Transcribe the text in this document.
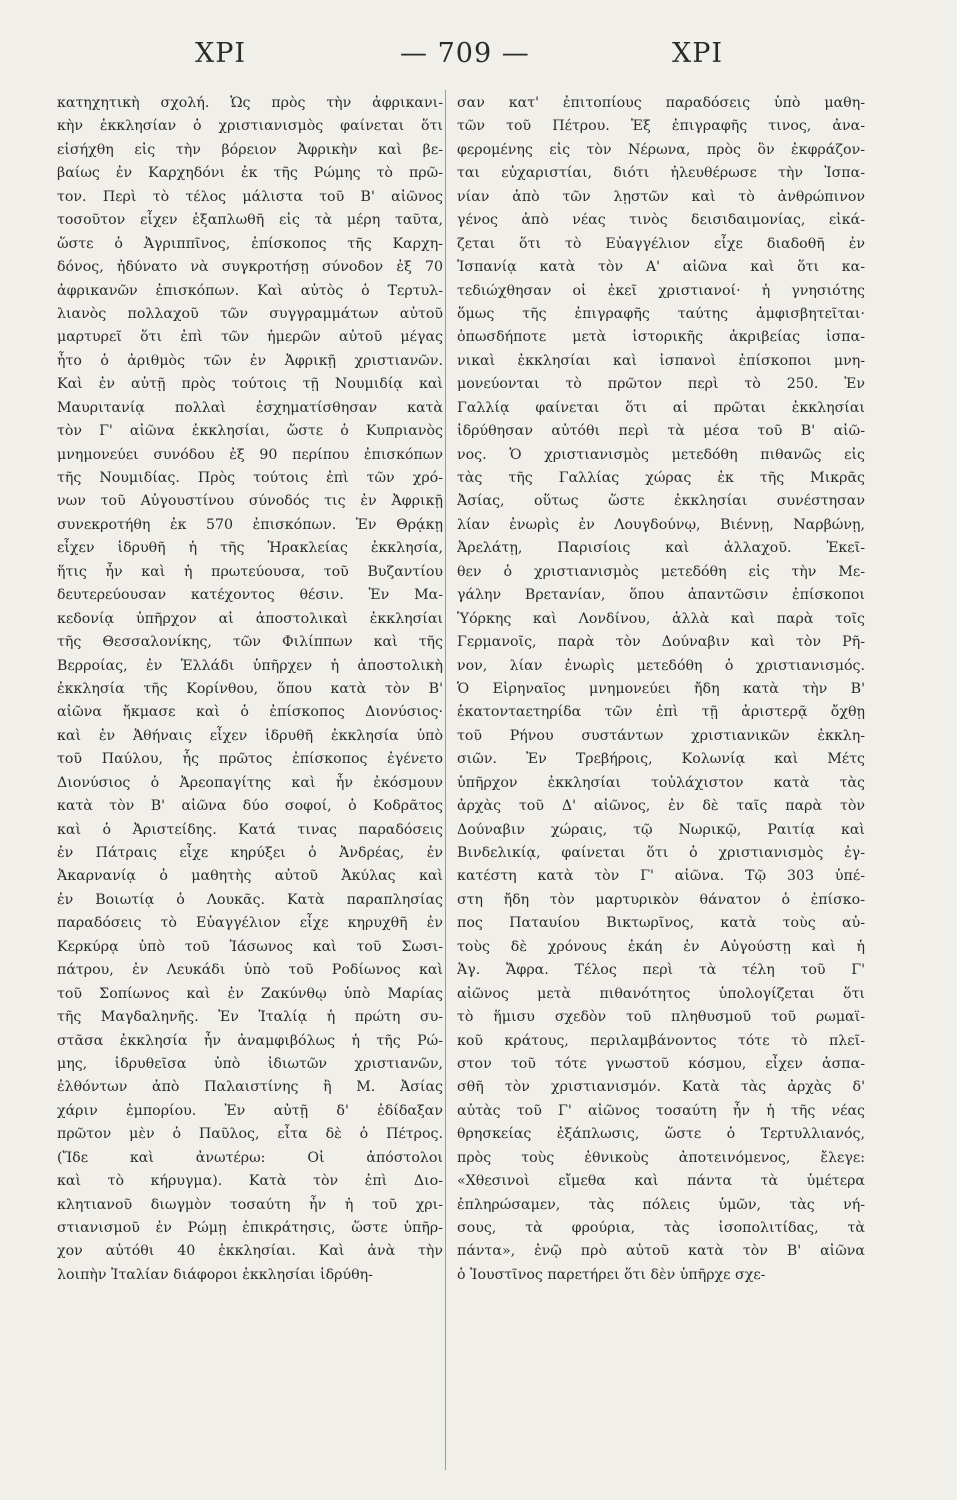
ΧΡΙ	— 709 —	ΧΡΙ
κατηχητικὴ σχολή. Ὡς πρὸς τὴν ἀφρικανι-
κὴν ἐκκλησίαν ὁ χριστιανισμὸς φαίνεται ὅτι
εἰσήχθη εἰς τὴν βόρειον Ἀφρικὴν καὶ βε-
βαίως ἐν Καρχηδόνι ἐκ τῆς Ρώμης τὸ πρῶ-
τον. Περὶ τὸ τέλος μάλιστα τοῦ Β' αἰῶνος
τοσοῦτον εἶχεν ἐξαπλωθῆ εἰς τὰ μέρη ταῦτα,
ὥστε ὁ Ἀγριππῖνος, ἐπίσκοπος τῆς Καρχη-
δόνος, ἠδύνατο νὰ συγκροτήσῃ σύνοδον ἐξ 70
ἀφρικανῶν ἐπισκόπων. Καὶ αὐτὸς ὁ Τερτυλ-
λιανὸς πολλαχοῦ τῶν συγγραμμάτων αὐτοῦ
μαρτυρεῖ ὅτι ἐπὶ τῶν ἡμερῶν αὐτοῦ μέγας
ἦτο ὁ ἀριθμὸς τῶν ἐν Ἀφρικῇ χριστιανῶν.
Καὶ ἐν αὐτῇ πρὸς τούτοις τῇ Νουμιδίᾳ καὶ
Μαυριτανίᾳ πολλαὶ ἐσχηματίσθησαν κατὰ
τὸν Γ' αἰῶνα ἐκκλησίαι, ὥστε ὁ Κυπριανὸς
μνημονεύει συνόδου ἐξ 90 περίπου ἐπισκόπων
τῆς Νουμιδίας. Πρὸς τούτοις ἐπὶ τῶν χρό-
νων τοῦ Αὐγουστίνου σύνοδός τις ἐν Ἀφρικῇ
συνεκροτήθη ἐκ 570 ἐπισκόπων. Ἐν Θρᾴκῃ
εἶχεν ἱδρυθῆ ἡ τῆς Ἡρακλείας ἐκκλησία,
ἥτις ἦν καὶ ἡ πρωτεύουσα, τοῦ Βυζαντίου
δευτερεύουσαν κατέχοντος θέσιν. Ἐν Μα-
κεδονίᾳ ὑπῆρχον αἱ ἀποστολικαὶ ἐκκλησίαι
τῆς Θεσσαλονίκης, τῶν Φιλίππων καὶ τῆς
Βερροίας, ἐν Ἑλλάδι ὑπῆρχεν ἡ ἀποστολικὴ
ἐκκλησία τῆς Κορίνθου, ὅπου κατὰ τὸν Β'
αἰῶνα ἤκμασε καὶ ὁ ἐπίσκοπος Διονύσιος·
καὶ ἐν Ἀθήναις εἶχεν ἱδρυθῆ ἐκκλησία ὑπὸ
τοῦ Παύλου, ἧς πρῶτος ἐπίσκοπος ἐγένετο
Διονύσιος ὁ Ἀρεοπαγίτης καὶ ἦν ἐκόσμουν
κατὰ τὸν Β' αἰῶνα δύο σοφοί, ὁ Κοδρᾶτος
καὶ ὁ Ἀριστείδης. Κατά τινας παραδόσεις
ἐν Πάτραις εἶχε κηρύξει ὁ Ἀνδρέας, ἐν
Ἀκαρνανίᾳ ὁ μαθητὴς αὐτοῦ Ἀκύλας καὶ
ἐν Βοιωτίᾳ ὁ Λουκᾶς. Κατὰ παραπλησίας
παραδόσεις τὸ Εὐαγγέλιον εἶχε κηρυχθῆ ἐν
Κερκύρᾳ ὑπὸ τοῦ Ἰάσωνος καὶ τοῦ Σωσι-
πάτρου, ἐν Λευκάδι ὑπὸ τοῦ Ροδίωνος καὶ
τοῦ Σοπίωνος καὶ ἐν Ζακύνθῳ ὑπὸ Μαρίας
τῆς Μαγδαληνῆς. Ἐν Ἰταλίᾳ ἡ πρώτη συ-
στᾶσα ἐκκλησία ἦν ἀναμφιβόλως ἡ τῆς Ρώ-
μης, ἱδρυθεῖσα ὑπὸ ἰδιωτῶν χριστιανῶν,
ἐλθόντων ἀπὸ Παλαιστίνης ἢ Μ. Ἀσίας
χάριν ἐμπορίου. Ἐν αὐτῇ δ' ἐδίδαξαν
πρῶτον μὲν ὁ Παῦλος, εἶτα δὲ ὁ Πέτρος.
(Ἴδε καὶ ἀνωτέρω: Οἱ ἀπόστολοι
καὶ τὸ κήρυγμα). Κατὰ τὸν ἐπὶ Διο-
κλητιανοῦ διωγμὸν τοσαύτη ἦν ἡ τοῦ χρι-
στιανισμοῦ ἐν Ρώμῃ ἐπικράτησις, ὥστε ὑπῆρ-
χον αὐτόθι 40 ἐκκλησίαι. Καὶ ἀνὰ τὴν
λοιπὴν Ἰταλίαν διάφοροι ἐκκλησίαι ἱδρύθη-
σαν κατ' ἐπιτοπίους παραδόσεις ὑπὸ μαθη-
τῶν τοῦ Πέτρου. Ἐξ ἐπιγραφῆς τινος, ἀνα-
φερομένης εἰς τὸν Νέρωνα, πρὸς ὃν ἐκφράζον-
ται εὐχαριστίαι, διότι ἠλευθέρωσε τὴν Ἰσπα-
νίαν ἀπὸ τῶν λῃστῶν καὶ τὸ ἀνθρώπινον
γένος ἀπὸ νέας τινὸς δεισιδαιμονίας, εἰκά-
ζεται ὅτι τὸ Εὐαγγέλιον εἶχε διαδοθῆ ἐν
Ἰσπανίᾳ κατὰ τὸν Α' αἰῶνα καὶ ὅτι κα-
τεδιώχθησαν οἱ ἐκεῖ χριστιανοί· ἡ γνησιότης
ὅμως τῆς ἐπιγραφῆς ταύτης ἀμφισβητεῖται·
ὁπωσδήποτε μετὰ ἱστορικῆς ἀκριβείας ἰσπα-
νικαὶ ἐκκλησίαι καὶ ἰσπανοὶ ἐπίσκοποι μνη-
μονεύονται τὸ πρῶτον περὶ τὸ 250. Ἐν
Γαλλίᾳ φαίνεται ὅτι αἱ πρῶται ἐκκλησίαι
ἱδρύθησαν αὐτόθι περὶ τὰ μέσα τοῦ Β' αἰῶ-
νος. Ὁ χριστιανισμὸς μετεδόθη πιθανῶς εἰς
τὰς τῆς Γαλλίας χώρας ἐκ τῆς Μικρᾶς
Ἀσίας, οὕτως ὥστε ἐκκλησίαι συνέστησαν
λίαν ἐνωρὶς ἐν Λουγδούνῳ, Βιέννῃ, Ναρβώνῃ,
Ἀρελάτῃ, Παρισίοις καὶ ἀλλαχοῦ. Ἐκεῖ-
θεν ὁ χριστιανισμὸς μετεδόθη εἰς τὴν Με-
γάλην Βρετανίαν, ὅπου ἀπαντῶσιν ἐπίσκοποι
Ὑόρκης καὶ Λονδίνου, ἀλλὰ καὶ παρὰ τοῖς
Γερμανοῖς, παρὰ τὸν Δούναβιν καὶ τὸν Ρῆ-
νον, λίαν ἐνωρὶς μετεδόθη ὁ χριστιανισμός.
Ὁ Εἰρηναῖος μνημονεύει ἤδη κατὰ τὴν Β'
ἑκατονταετηρίδα τῶν ἐπὶ τῇ ἀριστερᾷ ὄχθῃ
τοῦ Ρήνου συστάντων χριστιανικῶν ἐκκλη-
σιῶν. Ἐν Τρεβήροις, Κολωνίᾳ καὶ Μέτς
ὑπῆρχον ἐκκλησίαι τοὐλάχιστον κατὰ τὰς
ἀρχὰς τοῦ Δ' αἰῶνος, ἐν δὲ ταῖς παρὰ τὸν
Δούναβιν χώραις, τῷ Νωρικῷ, Ραιτίᾳ καὶ
Βινδελικίᾳ, φαίνεται ὅτι ὁ χριστιανισμὸς ἐγ-
κατέστη κατὰ τὸν Γ' αἰῶνα. Τῷ 303 ὑπέ-
στη ἤδη τὸν μαρτυρικὸν θάνατον ὁ ἐπίσκο-
πος Παταυίου Βικτωρῖνος, κατὰ τοὺς αὐ-
τοὺς δὲ χρόνους ἐκάη ἐν Αὐγούστῃ καὶ ἡ
Ἁγ. Ἄφρα. Τέλος περὶ τὰ τέλη τοῦ Γ'
αἰῶνος μετὰ πιθανότητος ὑπολογίζεται ὅτι
τὸ ἥμισυ σχεδὸν τοῦ πληθυσμοῦ τοῦ ρωμαϊ-
κοῦ κράτους, περιλαμβάνοντος τότε τὸ πλεῖ-
στον τοῦ τότε γνωστοῦ κόσμου, εἶχεν ἀσπα-
σθῆ τὸν χριστιανισμόν. Κατὰ τὰς ἀρχὰς δ'
αὐτὰς τοῦ Γ' αἰῶνος τοσαύτη ἦν ἡ τῆς νέας
θρησκείας ἐξάπλωσις, ὥστε ὁ Τερτυλλιανός,
πρὸς τοὺς ἐθνικοὺς ἀποτεινόμενος, ἔλεγε:
«Χθεσινοὶ εἴμεθα καὶ πάντα τὰ ὑμέτερα
ἐπληρώσαμεν, τὰς πόλεις ὑμῶν, τὰς νή-
σους, τὰ φρούρια, τὰς ἰσοπολιτίδας, τὰ
πάντα», ἐνῷ πρὸ αὐτοῦ κατὰ τὸν Β' αἰῶνα
ὁ Ἰουστῖνος παρετήρει ὅτι δὲν ὑπῆρχε σχε-
